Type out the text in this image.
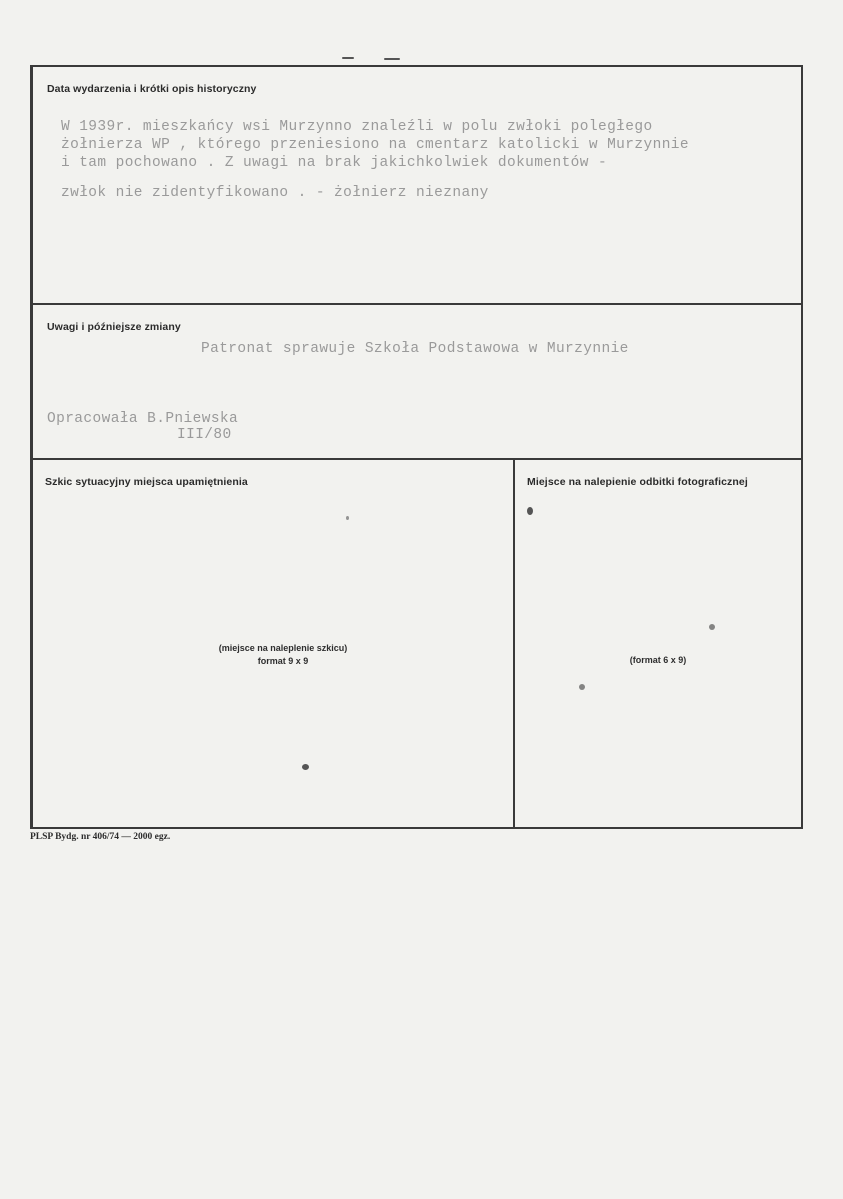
Data wydarzenia i krótki opis historyczny
W 1939r. mieszkańcy wsi Murzynno znaleźli w polu zwłoki poległego
żołnierza WP , którego przeniesiono na cmentarz katolicki w Murzynnie
i tam pochowano . Z uwagi na brak jakichkolwiek dokumentów -
zwłok nie zidentyfikowano . - żołnierz nieznany
Uwagi i późniejsze zmiany
Patronat sprawuje Szkoła Podstawowa w Murzynnie
Opracowała B.Pniewska
III/80
Szkic sytuacyjny miejsca upamiętnienia
(miejsce na naleplenie szkicu)
format 9 x 9
Miejsce na nalepienie odbitki fotograficznej
(format 6 x 9)
PLSP Bydg. nr 406/74 — 2000 egz.
